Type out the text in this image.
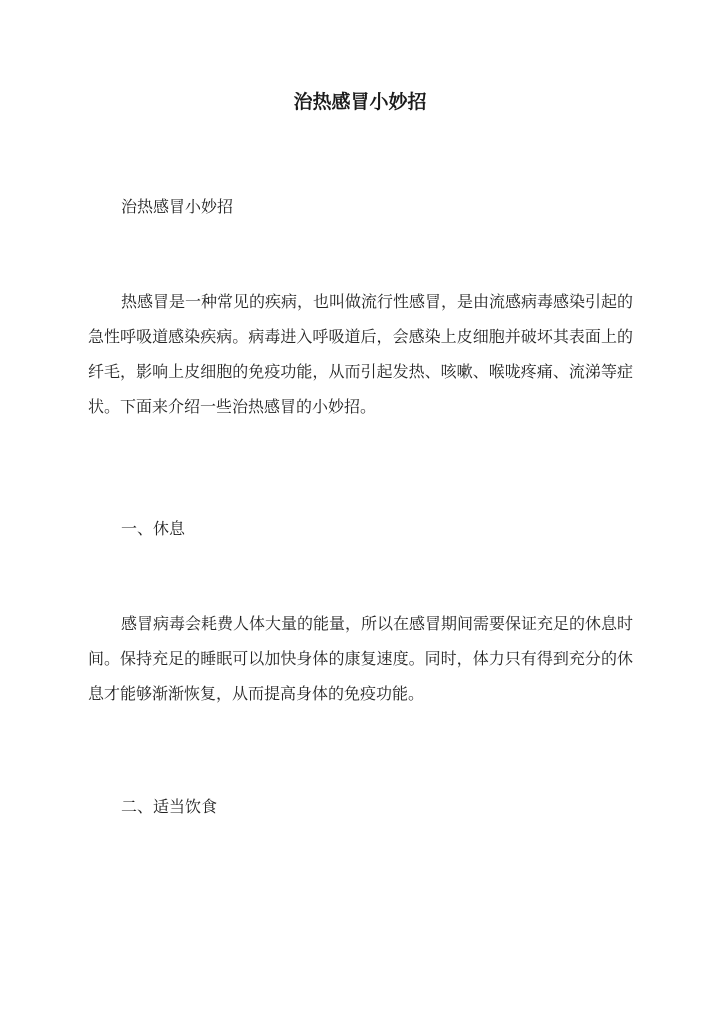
治热感冒小妙招
治热感冒小妙招
热感冒是一种常见的疾病，也叫做流行性感冒，是由流感病毒感染引起的急性呼吸道感染疾病。病毒进入呼吸道后，会感染上皮细胞并破坏其表面上的纤毛，影响上皮细胞的免疫功能，从而引起发热、咳嗽、喉咙疼痛、流涕等症状。下面来介绍一些治热感冒的小妙招。
一、休息
感冒病毒会耗费人体大量的能量，所以在感冒期间需要保证充足的休息时间。保持充足的睡眠可以加快身体的康复速度。同时，体力只有得到充分的休息才能够渐渐恢复，从而提高身体的免疫功能。
二、适当饮食
